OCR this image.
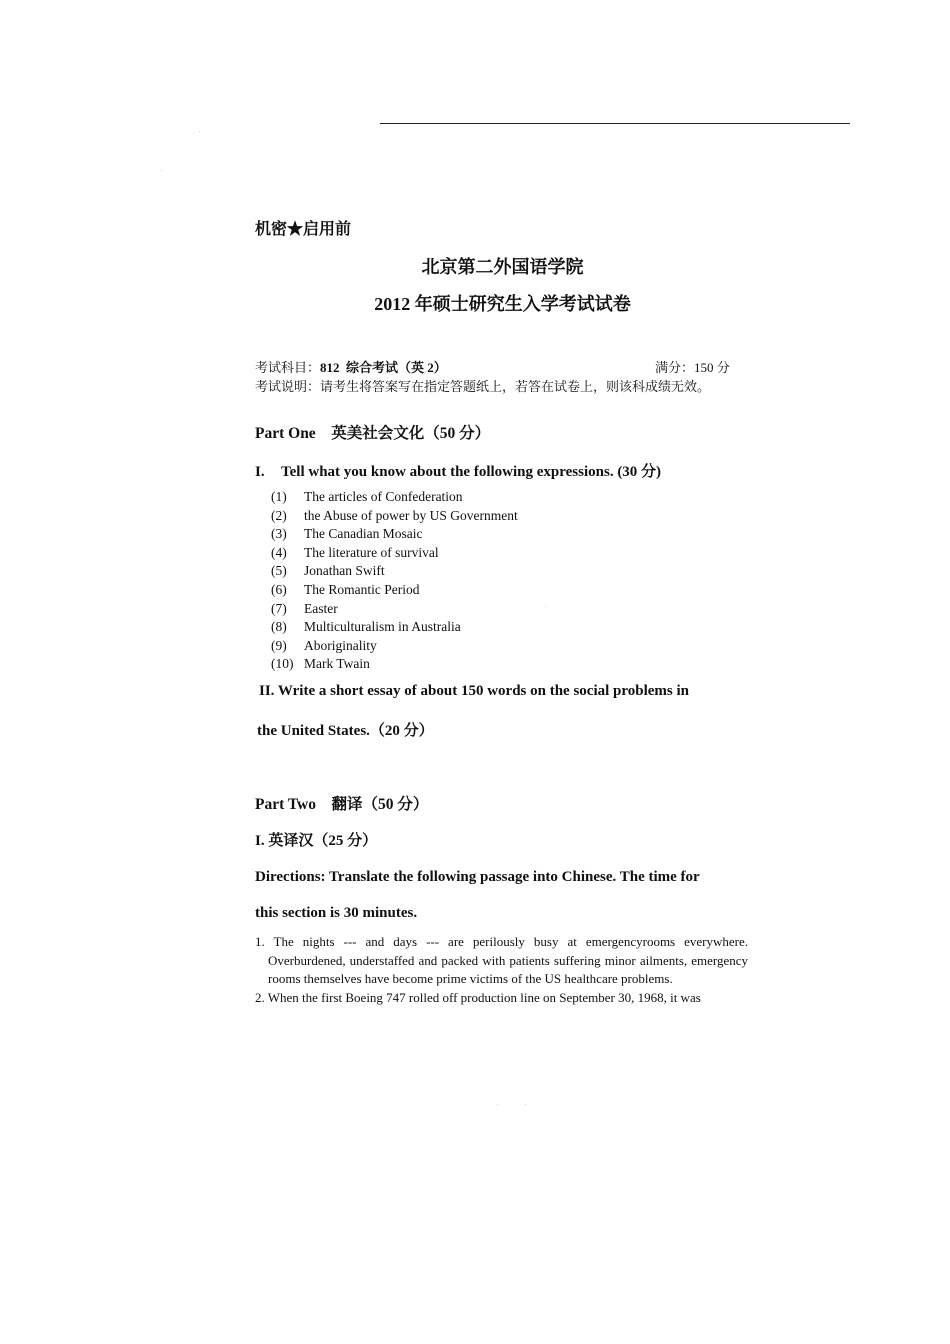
机密★启用前
北京第二外国语学院
2012 年硕士研究生入学考试试卷
考试科目：812 综合考试（英 2）	满分：150 分
考试说明：请考生将答案写在指定答题纸上，若答在试卷上，则该科成绩无效。
Part One　英美社会文化（50 分）
I. Tell what you know about the following expressions. (30 分)
(1) The articles of Confederation
(2) the Abuse of power by US Government
(3) The Canadian Mosaic
(4) The literature of survival
(5) Jonathan Swift
(6) The Romantic Period
(7) Easter
(8) Multiculturalism in Australia
(9) Aboriginality
(10) Mark Twain
II. Write a short essay of about 150 words on the social problems in
the United States.（20 分）
Part Two　翻译（50 分）
I. 英译汉（25 分）
Directions: Translate the following passage into Chinese. The time for
this section is 30 minutes.

1. The nights --- and days --- are perilously busy at emergencyrooms everywhere. Overburdened, understaffed and packed with patients suffering minor ailments, emergency rooms themselves have become prime victims of the US healthcare problems.

2. When the first Boeing 747 rolled off production line on September 30, 1968, it was
